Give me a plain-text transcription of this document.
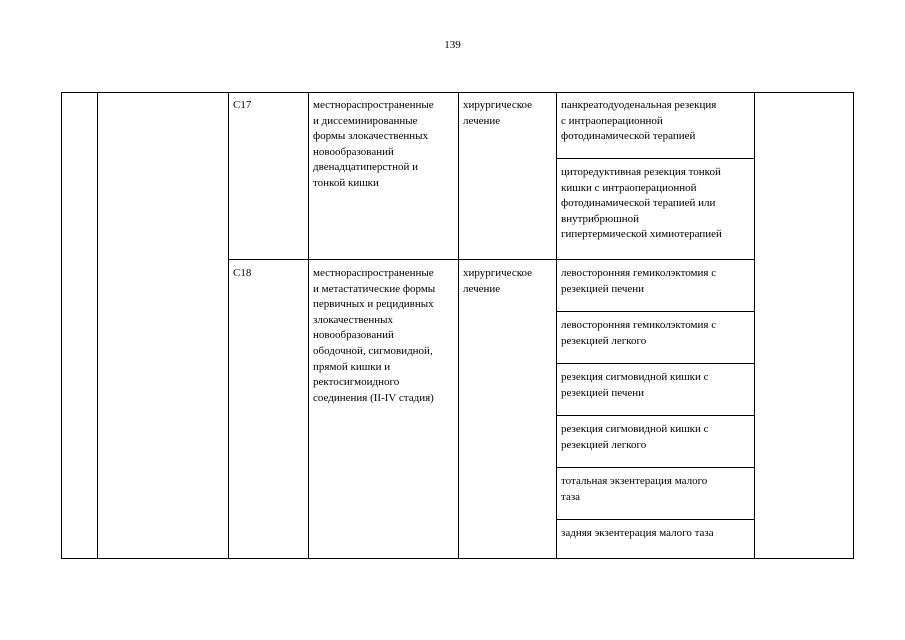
139
C17	местнораспространенные
и диссеминированные
формы злокачественных
новообразований
двенадцатиперстной и
тонкой кишки
хирургическое
лечение
панкреатодуоденальная резекция
с интраоперационной
фотодинамической терапией
циторедуктивная резекция тонкой
кишки с интраоперационной
фотодинамической терапией или
внутрибрюшной
гипертермической химиотерапией
C18	местнораспространенные
и метастатические формы
первичных и рецидивных
злокачественных
новообразований
ободочной, сигмовидной,
прямой кишки и
ректосигмоидного
соединения (II-IV стадия)
хирургическое
лечение
левосторонняя гемиколэктомия с
резекцией печени
левосторонняя гемиколэктомия с
резекцией легкого
резекция сигмовидной кишки с
резекцией печени
резекция сигмовидной кишки с
резекцией легкого
тотальная экзентерация малого
таза
задняя экзентерация малого таза
